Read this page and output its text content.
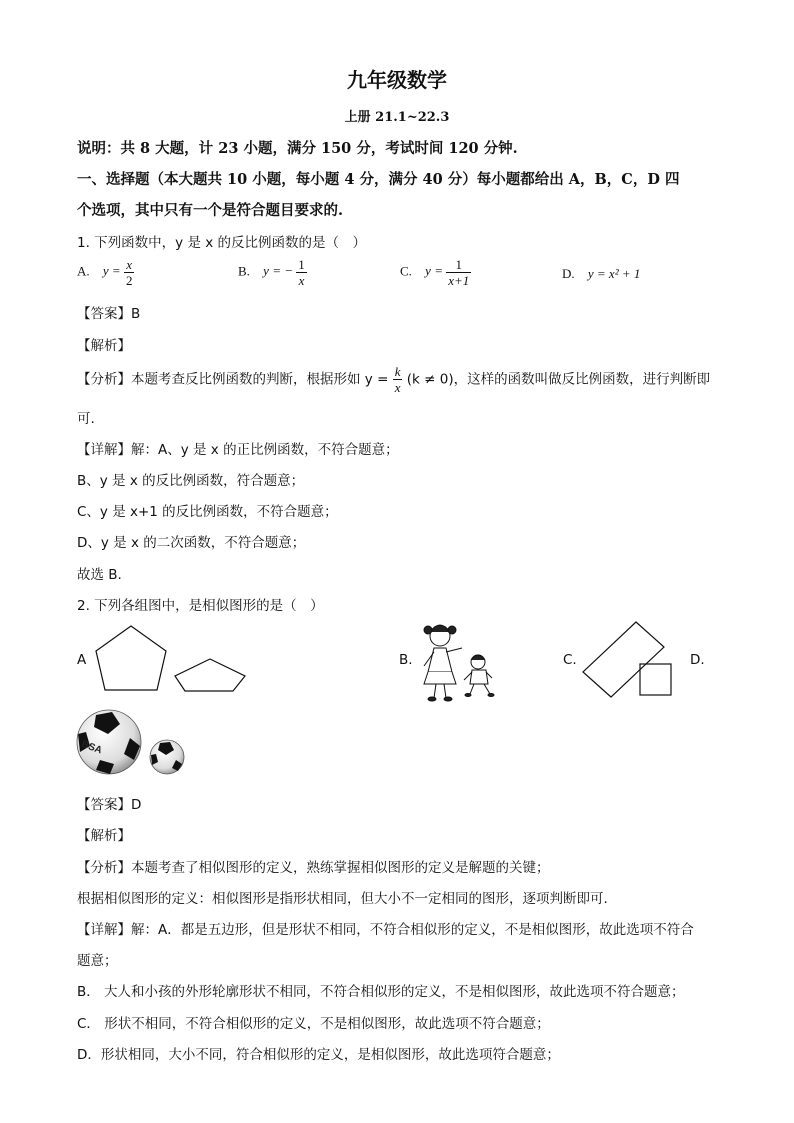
九年级数学
上册 21.1~22.3
说明：共 8 大题，计 23 小题，满分 150 分，考试时间 120 分钟.
一、选择题（本大题共 10 小题，每小题 4 分，满分 40 分）每小题都给出 A，B，C，D 四
个选项，其中只有一个是符合题目要求的.
1. 下列函数中，y 是 x 的反比例函数的是（　）
A. $y = \frac{x}{2}$	B. y = − $\frac{1}{x}$	C. $y = \frac{1}{x+1}$	D. y = x² + 1
【答案】B
【解析】
【分析】本题考查反比例函数的判断，根据形如 $y = \frac{k}{x} (k \ne 0)$，这样的函数叫做反比例函数，进行判断即
可.
【详解】解：A、y 是 x 的正比例函数，不符合题意；
B、y 是 x 的反比例函数，符合题意；
C、y 是 x+1 的反比例函数，不符合题意；
D、y 是 x 的二次函数，不符合题意；
故选 B.
2. 下列各组图中，是相似图形的是（　）
A	B.	C.	D.
BSA
【答案】D
【解析】
【分析】本题考查了相似图形的定义，熟练掌握相似图形的定义是解题的关键；
根据相似图形的定义：相似图形是指形状相同，但大小不一定相同的图形，逐项判断即可.
【详解】解：A．都是五边形，但是形状不相同，不符合相似形的定义，不是相似图形，故此选项不符合
题意；
B． 大人和小孩的外形轮廓形状不相同，不符合相似形的定义，不是相似图形，故此选项不符合题意；
C． 形状不相同，不符合相似形的定义，不是相似图形，故此选项不符合题意；
D．形状相同，大小不同，符合相似形的定义，是相似图形，故此选项符合题意；
